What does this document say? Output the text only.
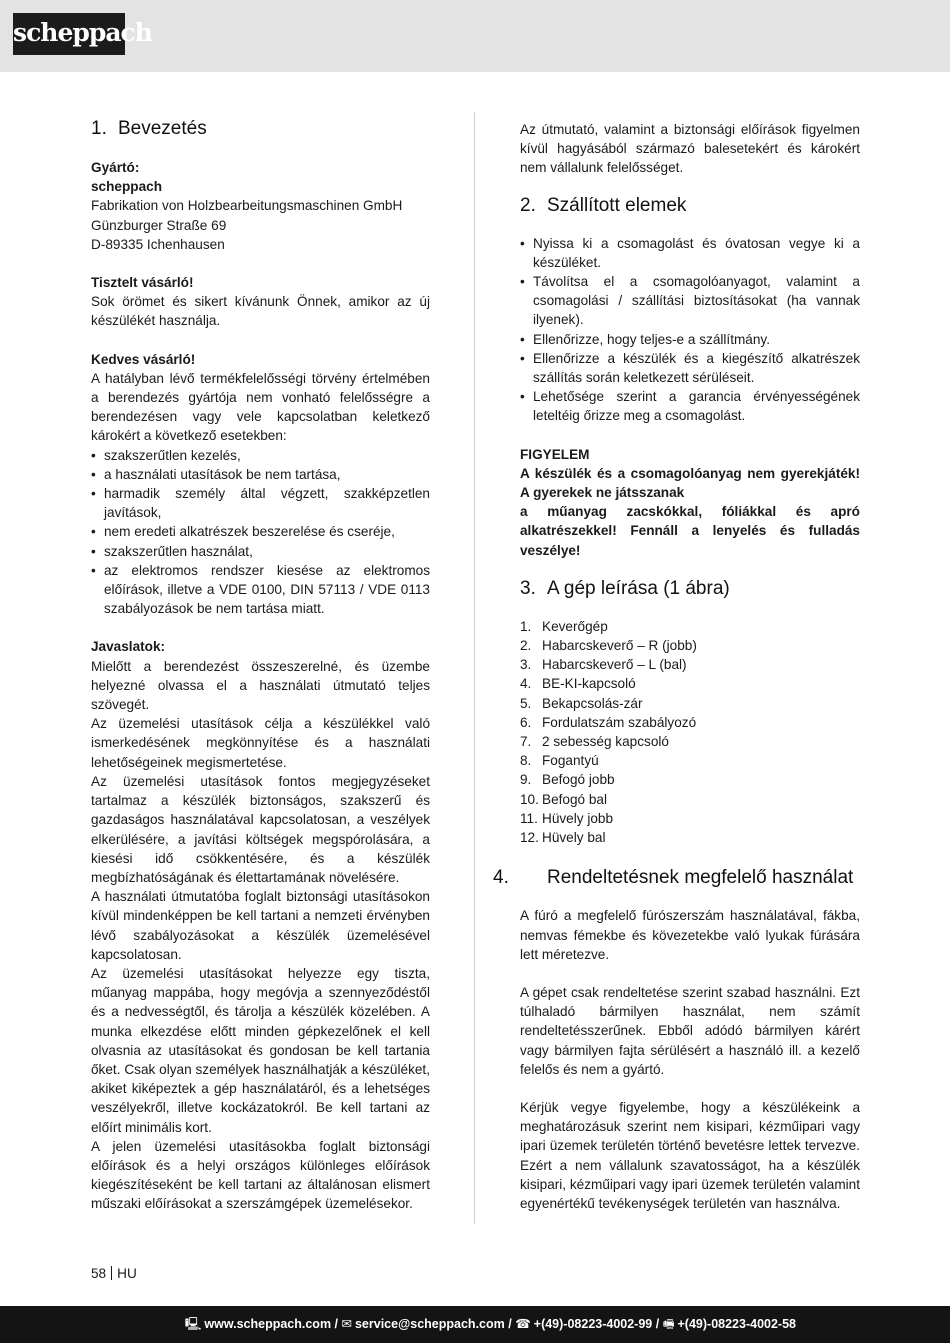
scheppach
1. Bevezetés

Gyártó:

scheppach

Fabrikation von Holzbearbeitungsmaschinen GmbH

Günzburger Straße 69

D-89335 Ichenhausen

Tisztelt vásárló!

Sok örömet és sikert kívánunk Önnek, amikor az új készülékét használja.

Kedves vásárló!

A hatályban lévő termékfelelősségi törvény értelmében a berendezés gyártója nem vonható felelősségre a berendezésen vagy vele kapcsolatban keletkező károkért a következő esetekben:

• szakszerűtlen kezelés,
• a használati utasítások be nem tartása,
• harmadik személy által végzett, szakképzetlen javítások,
• nem eredeti alkatrészek beszerelése és cseréje,
• szakszerűtlen használat,
• az elektromos rendszer kiesése az elektromos előírások, illetve a VDE 0100, DIN 57113 / VDE 0113 szabályozások be nem tartása miatt.

Javaslatok:

Mielőtt a berendezést összeszerelné, és üzembe helyezné olvassa el a használati útmutató teljes szövegét.

Az üzemelési utasítások célja a készülékkel való ismerkedésének megkönnyítése és a használati lehetőségeinek megismertetése.

Az üzemelési utasítások fontos megjegyzéseket tartalmaz a készülék biztonságos, szakszerű és gazdaságos használatával kapcsolatosan, a veszélyek elkerülésére, a javítási költségek megspórolására, a kiesési idő csökkentésére, és a készülék megbízhatóságának és élettartamának növelésére.

A használati útmutatóba foglalt biztonsági utasításokon kívül mindenképpen be kell tartani a nemzeti érvényben lévő szabályozásokat a készülék üzemelésével kapcsolatosan.

Az üzemelési utasításokat helyezze egy tiszta, műanyag mappába, hogy megóvja a szennyeződéstől és a nedvességtől, és tárolja a készülék közelében. A munka elkezdése előtt minden gépkezelőnek el kell olvasnia az utasításokat és gondosan be kell tartania őket. Csak olyan személyek használhatják a készüléket, akiket kiképeztek a gép használatáról, és a lehetséges veszélyekről, illetve kockázatokról. Be kell tartani az előírt minimális kort.

A jelen üzemelési utasításokba foglalt biztonsági előírások és a helyi országos különleges előírások kiegészítéseként be kell tartani az általánosan elismert műszaki előírásokat a szerszámgépek üzemelésekor.

Az útmutató, valamint a biztonsági előírások figyelmen kívül hagyásából származó balesetekért és károkért nem vállalunk felelősséget.

2. Szállított elemek
• Nyissa ki a csomagolást és óvatosan vegye ki a készüléket.
• Távolítsa el a csomagolóanyagot, valamint a csomagolási / szállítási biztosításokat (ha vannak ilyenek).
• Ellenőrizze, hogy teljes-e a szállítmány.
• Ellenőrizze a készülék és a kiegészítő alkatrészek szállítás során keletkezett sérüléseit.
• Lehetősége szerint a garancia érvényességének leteltéig őrizze meg a csomagolást.

FIGYELEM

A készülék és a csomagolóanyag nem gyerekjáték! A gyerekek ne játsszanak

a műanyag zacskókkal, fóliákkal és apró alkatrészekkel! Fennáll a lenyelés és fulladás veszélye!

3. A gép leírása (1 ábra)
1. Keverőgép
2. Habarcskeverő – R (jobb)
3. Habarcskeverő – L (bal)
4. BE-KI-kapcsoló
5. Bekapcsolás-zár
6. Fordulatszám szabályozó
7. 2 sebesség kapcsoló
8. Fogantyú
9. Befogó jobb
10. Befogó bal
11. Hüvely jobb
12. Hüvely bal
4. Rendeltetésnek megfelelő használat

A fúró a megfelelő fúrószerszám használatával, fákba, nemvas fémekbe és kövezetekbe való lyukak fúrására lett méretezve.

A gépet csak rendeltetése szerint szabad használni. Ezt túlhaladó bármilyen használat, nem számít rendeltetésszerűnek. Ebből adódó bármilyen kárért vagy bármilyen fajta sérülésért a használó ill. a kezelő felelős és nem a gyártó.

Kérjük vegye figyelembe, hogy a készülékeink a meghatározásuk szerint nem kisipari, kézműipari vagy ipari üzemek területén történő bevetésre lettek tervezve. Ezért a nem vállalunk szavatosságot, ha a készülék kisipari, kézműipari vagy ipari üzemek területén valamint egyenértékű tevékenységek területén van használva.

58 HU
🖳 www.scheppach.com / ✉ service@scheppach.com / ☎ +(49)-08223-4002-99 / 🖷 +(49)-08223-4002-58
